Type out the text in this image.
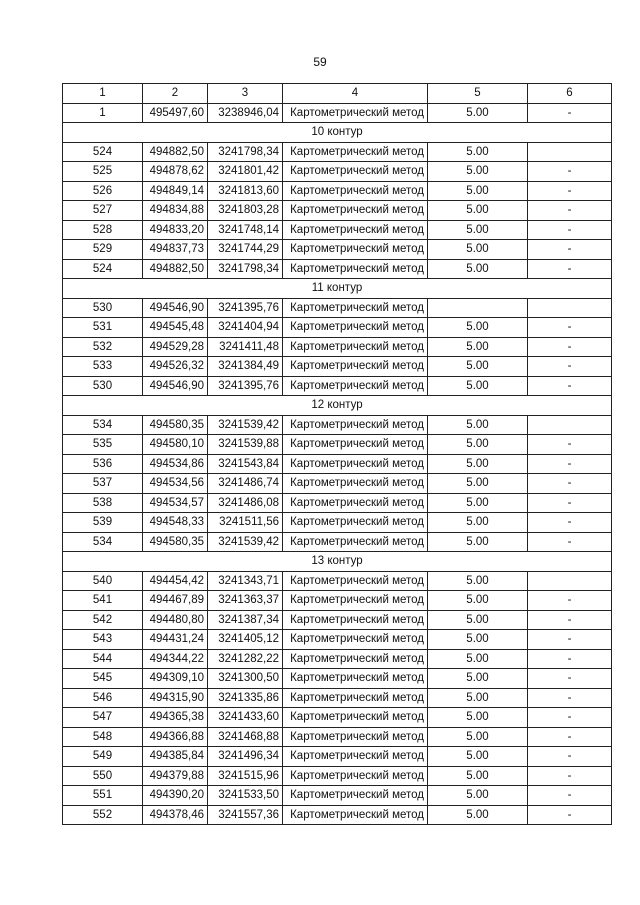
59
1	2	3	4	5	6
1	495497,60	3238946,04	Картометрический метод	5.00	-
10 контур					
524	494882,50	3241798,34	Картометрический метод	5.00	
525	494878,62	3241801,42	Картометрический метод	5.00	-
526	494849,14	3241813,60	Картометрический метод	5.00	-
527	494834,88	3241803,28	Картометрический метод	5.00	-
528	494833,20	3241748,14	Картометрический метод	5.00	-
529	494837,73	3241744,29	Картометрический метод	5.00	-
524	494882,50	3241798,34	Картометрический метод	5.00	-
11 контур					
530	494546,90	3241395,76	Картометрический метод		
531	494545,48	3241404,94	Картометрический метод	5.00	-
532	494529,28	3241411,48	Картометрический метод	5.00	-
533	494526,32	3241384,49	Картометрический метод	5.00	-
530	494546,90	3241395,76	Картометрический метод	5.00	-
12 контур					
534	494580,35	3241539,42	Картометрический метод	5.00	
535	494580,10	3241539,88	Картометрический метод	5.00	-
536	494534,86	3241543,84	Картометрический метод	5.00	-
537	494534,56	3241486,74	Картометрический метод	5.00	-
538	494534,57	3241486,08	Картометрический метод	5.00	-
539	494548,33	3241511,56	Картометрический метод	5.00	-
534	494580,35	3241539,42	Картометрический метод	5.00	-
13 контур					
540	494454,42	3241343,71	Картометрический метод	5.00	
541	494467,89	3241363,37	Картометрический метод	5.00	-
542	494480,80	3241387,34	Картометрический метод	5.00	-
543	494431,24	3241405,12	Картометрический метод	5.00	-
544	494344,22	3241282,22	Картометрический метод	5.00	-
545	494309,10	3241300,50	Картометрический метод	5.00	-
546	494315,90	3241335,86	Картометрический метод	5.00	-
547	494365,38	3241433,60	Картометрический метод	5.00	-
548	494366,88	3241468,88	Картометрический метод	5.00	-
549	494385,84	3241496,34	Картометрический метод	5.00	-
550	494379,88	3241515,96	Картометрический метод	5.00	-
551	494390,20	3241533,50	Картометрический метод	5.00	-
552	494378,46	3241557,36	Картометрический метод	5.00	-
